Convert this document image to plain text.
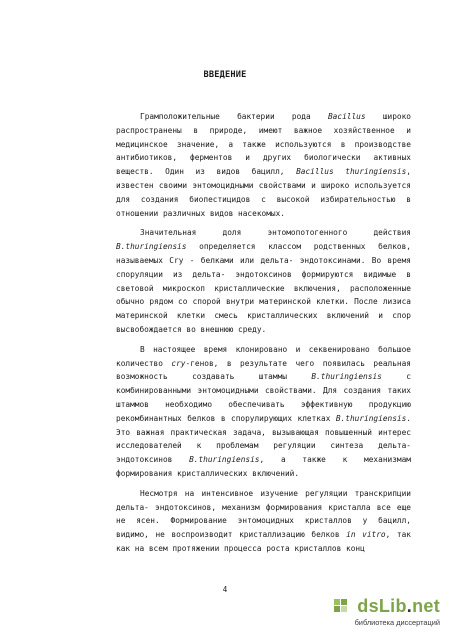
ВВЕДЕНИЕ

Грамположительные бактерии рода Bacillus широко распространены в природе, имеют важное хозяйственное и медицинское значение, а также используются в производстве антибиотиков, ферментов и других биологически активных веществ. Один из видов бацилл, Bacillus thuringiensis, известен своими энтомоцидными свойствами и широко используется для создания биопестицидов с высокой избирательностью в отношении различных видов насекомых.

Значительная доля энтомопотогенного действия B.thuringiensis определяется классом родственных белков, называемых Cry - белками или дельта- эндотоксинами. Во время споруляции из дельта- эндотоксинов формируются видимые в световой микроскоп кристаллические включения, расположенные обычно рядом со спорой внутри материнской клетки. После лизиса материнской клетки смесь кристаллических включений и спор высвобождается во внешнюю среду.

В настоящее время клонировано и секвенировано большое количество cry-генов, в результате чего появилась реальная возможность создавать штаммы B.thuringiensis с комбинированными энтомоцидными свойствами. Для создания таких штаммов необходимо обеспечивать эффективную продукцию рекомбинантных белков в спорулирующих клетках B.thuringiensis. Это важная практическая задача, вызывающая повышенный интерес исследователей к проблемам регуляции синтеза дельта- эндотоксинов B.thuringiensis, а также к механизмам формирования кристаллических включений.

Несмотря на интенсивное изучение регуляции транскрипции дельта- эндотоксинов, механизм формирования кристалла все еще не ясен. Формирование энтомоцидных кристаллов у бацилл, видимо, не воспроизводит кристаллизацию белков in vitro, так как на всем протяжении процесса роста кристаллов конц

4
dsLib.net
библиотека диссертаций
